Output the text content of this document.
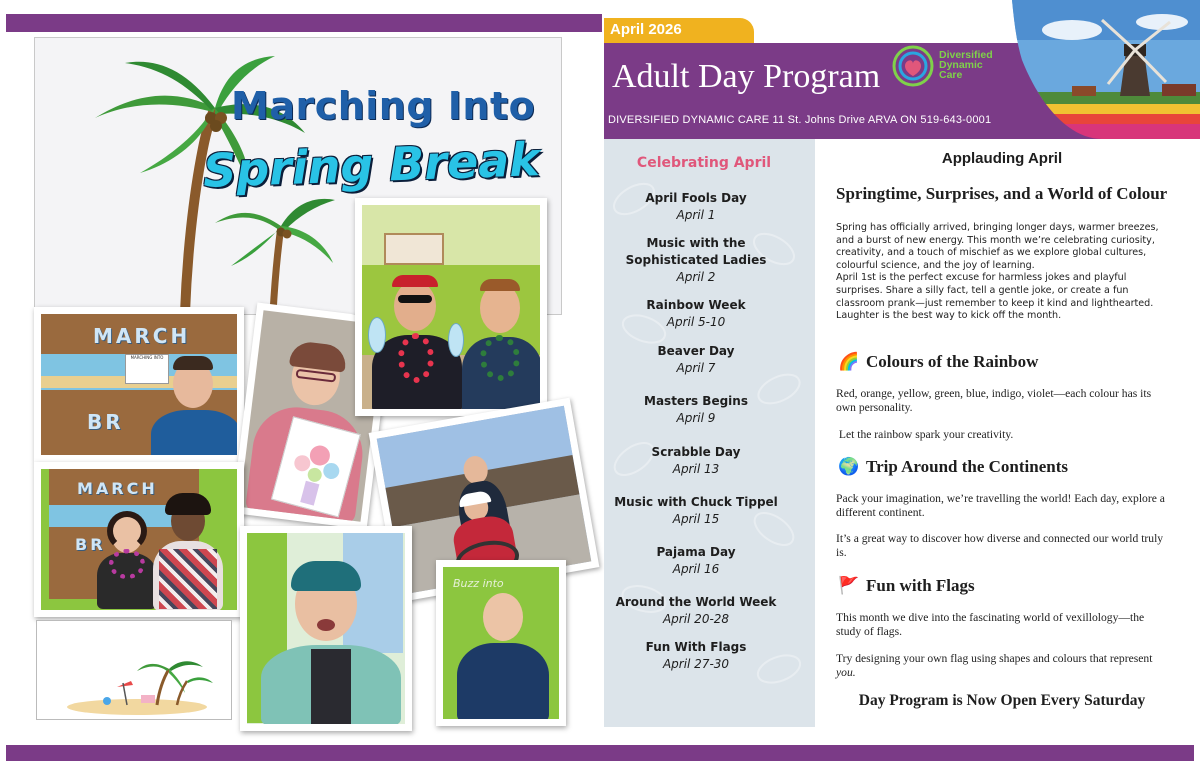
Marching Into
Spring Break
MARCH
BR
MARCHING INTO
MARCH
BR
Buzz into
April 2026
Adult Day Program
Diversified
Dynamic
Care
DIVERSIFIED DYNAMIC CARE 11 St. Johns Drive ARVA ON 519-643-0001
Celebrating April
April Fools Day
April 1
Music with the Sophisticated Ladies
April 2
Rainbow Week
April 5-10
Beaver Day
April 7
Masters Begins
April 9
Scrabble Day
April 13
Music with Chuck Tippel
April 15
Pajama Day
April 16
Around the World Week
April 20-28
Fun With Flags
April 27-30
Applauding April
Springtime, Surprises, and a World of Colour
Spring has officially arrived, bringing longer days, warmer breezes, and a burst of new energy. This month we’re celebrating curiosity, creativity, and a touch of mischief as we explore global cultures, colourful science, and the joy of learning.
April 1st is the perfect excuse for harmless jokes and playful surprises. Share a silly fact, tell a gentle joke, or create a fun classroom prank—just remember to keep it kind and lighthearted. Laughter is the best way to kick off the month.
🌈 Colours of the Rainbow
Red, orange, yellow, green, blue, indigo, violet—each colour has its own personality.
Let the rainbow spark your creativity.
🌍 Trip Around the Continents
Pack your imagination, we’re travelling the world! Each day, explore a different continent.
It’s a great way to discover how diverse and connected our world truly is.
🚩 Fun with Flags
This month we dive into the fascinating world of vexillology—the study of flags.
Try designing your own flag using shapes and colours that represent you.
Day Program is Now Open Every Saturday
